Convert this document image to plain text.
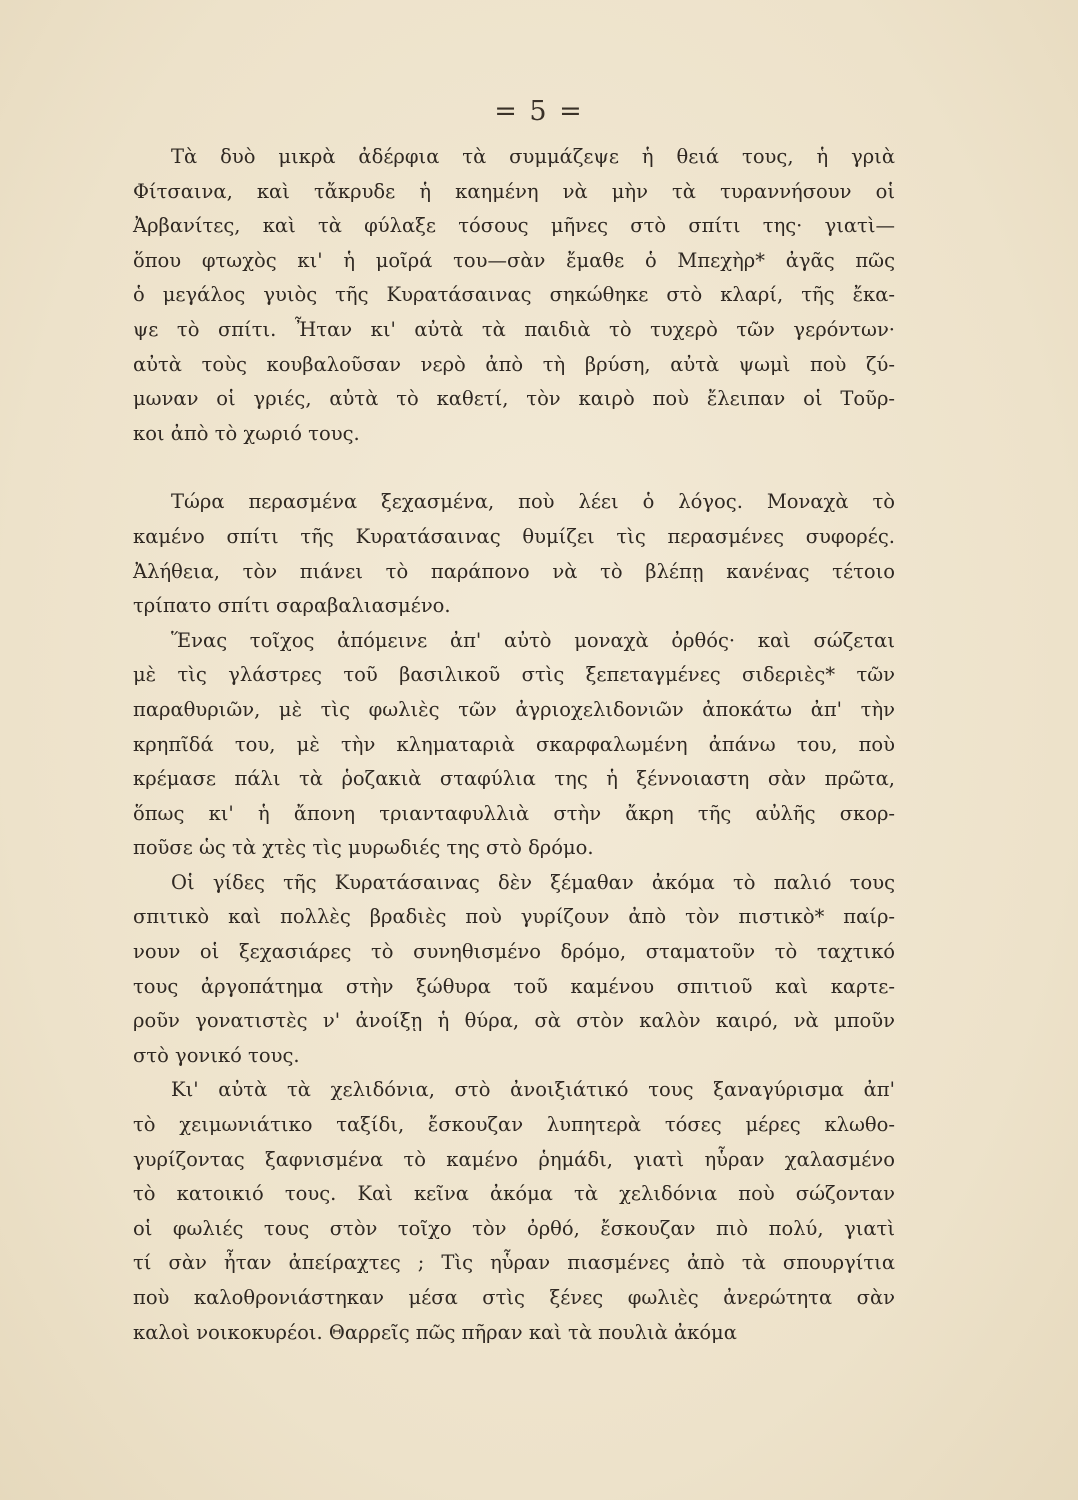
= 5 =

Τὰ δυὸ μικρὰ ἀδέρφια τὰ συμμάζεψε ἡ θειά τους, ἡ γριὰ
Φίτσαινα, καὶ τἄκρυδε ἡ καημένη νὰ μὴν τὰ τυραννήσουν οἱ
Ἀρβανίτες, καὶ τὰ φύλαξε τόσους μῆνες στὸ σπίτι της· γιατὶ—
ὅπου φτωχὸς κι' ἡ μοῖρά του—σὰν ἔμαθε ὁ Μπεχὴρ* ἀγᾶς πῶς
ὁ μεγάλος γυιὸς τῆς Κυρατάσαινας σηκώθηκε στὸ κλαρί, τῆς ἔκα-
ψε τὸ σπίτι. Ἦταν κι' αὐτὰ τὰ παιδιὰ τὸ τυχερὸ τῶν γερόντων·
αὐτὰ τοὺς κουβαλοῦσαν νερὸ ἀπὸ τὴ βρύση, αὐτὰ ψωμὶ ποὺ ζύ-
μωναν οἱ γριές, αὐτὰ τὸ καθετί, τὸν καιρὸ ποὺ ἔλειπαν οἱ Τοῦρ-
κοι ἀπὸ τὸ χωριό τους.

Τώρα περασμένα ξεχασμένα, ποὺ λέει ὁ λόγος. Μοναχὰ τὸ
καμένο σπίτι τῆς Κυρατάσαινας θυμίζει τὶς περασμένες συφορές.
Ἀλήθεια, τὸν πιάνει τὸ παράπονο νὰ τὸ βλέπῃ κανένας τέτοιο
τρίπατο σπίτι σαραβαλιασμένο.

Ἕνας τοῖχος ἀπόμεινε ἀπ' αὐτὸ μοναχὰ ὀρθός· καὶ σώζεται
μὲ τὶς γλάστρες τοῦ βασιλικοῦ στὶς ξεπεταγμένες σιδεριὲς* τῶν
παραθυριῶν, μὲ τὶς φωλιὲς τῶν ἀγριοχελιδονιῶν ἀποκάτω ἀπ' τὴν
κρηπῖδά του, μὲ τὴν κληματαριὰ σκαρφαλωμένη ἀπάνω του, ποὺ
κρέμασε πάλι τὰ ῥοζακιὰ σταφύλια της ἡ ξέννοιαστη σὰν πρῶτα,
ὅπως κι' ἡ ἄπονη τριανταφυλλιὰ στὴν ἄκρη τῆς αὐλῆς σκορ-
ποῦσε ὡς τὰ χτὲς τὶς μυρωδιές της στὸ δρόμο.

Οἱ γίδες τῆς Κυρατάσαινας δὲν ξέμαθαν ἀκόμα τὸ παλιό τους
σπιτικὸ καὶ πολλὲς βραδιὲς ποὺ γυρίζουν ἀπὸ τὸν πιστικὸ* παίρ-
νουν οἱ ξεχασιάρες τὸ συνηθισμένο δρόμο, σταματοῦν τὸ ταχτικό
τους ἀργοπάτημα στὴν ξώθυρα τοῦ καμένου σπιτιοῦ καὶ καρτε-
ροῦν γονατιστὲς ν' ἀνοίξῃ ἡ θύρα, σὰ στὸν καλὸν καιρό, νὰ μποῦν
στὸ γονικό τους.

Κι' αὐτὰ τὰ χελιδόνια, στὸ ἀνοιξιάτικό τους ξαναγύρισμα ἀπ'
τὸ χειμωνιάτικο ταξίδι, ἔσκουζαν λυπητερὰ τόσες μέρες κλωθο-
γυρίζοντας ξαφνισμένα τὸ καμένο ῥημάδι, γιατὶ ηὗραν χαλασμένο
τὸ κατοικιό τους. Καὶ κεῖνα ἀκόμα τὰ χελιδόνια ποὺ σώζονταν
οἱ φωλιές τους στὸν τοῖχο τὸν ὀρθό, ἔσκουζαν πιὸ πολύ, γιατὶ
τί σὰν ἦταν ἀπείραχτες ; Τὶς ηὗραν πιασμένες ἀπὸ τὰ σπουργίτια
ποὺ καλοθρονιάστηκαν μέσα στὶς ξένες φωλιὲς ἀνερώτητα σὰν
καλοὶ νοικοκυρέοι. Θαρρεῖς πῶς πῆραν καὶ τὰ πουλιὰ ἀκόμα
